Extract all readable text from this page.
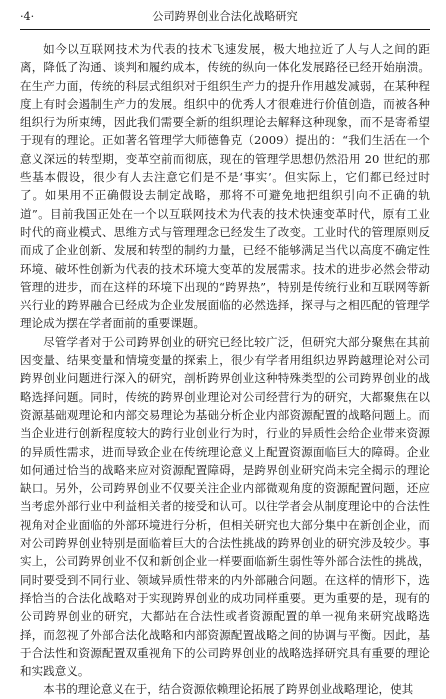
·4·	公司跨界创业合法化战略研究

如今以互联网技术为代表的技术飞速发展，极大地拉近了人与人之间的距离，降低了沟通、谈判和履约成本，传统的纵向一体化发展路径已经开始崩溃。在生产力面，传统的科层式组织对于组织生产力的提升作用越发减弱，在某种程度上有时会遏制生产力的发展。组织中的优秀人才很难进行价值创造，而被各种组织行为所束缚，因此我们需要全新的组织理论去解释这种现象，而不是寄希望于现有的理论。正如著名管理学大师德鲁克（2009）提出的：“我们生活在一个意义深远的转型期，变革空前而彻底，现在的管理学思想仍然沿用 20 世纪的那些基本假设，很少有人去注意它们是不是‘事实’。但实际上，它们都已经过时了。如果用不正确假设去制定战略，那将不可避免地把组织引向不正确的轨道”。目前我国正处在一个以互联网技术为代表的技术快速变革时代，原有工业时代的商业模式、思维方式与管理理念已经发生了改变。工业时代的管理原则反而成了企业创新、发展和转型的制约力量，已经不能够满足当代以高度不确定性环境、破坏性创新为代表的技术环境大变革的发展需求。技术的进步必然会带动管理的进步，而在这样的环境下出现的“跨界热”，特别是传统行业和互联网等新兴行业的跨界融合已经成为企业发展面临的必然选择，探寻与之相匹配的管理学理论成为摆在学者面前的重要课题。

尽管学者对于公司跨界创业的研究已经比较广泛，但研究大部分聚焦在其前因变量、结果变量和情境变量的探索上，很少有学者用组织边界跨越理论对公司跨界创业问题进行深入的研究，剖析跨界创业这种特殊类型的公司跨界创业的战略选择问题。同时，传统的跨界创业理论对公司经营行为的研究，大都聚焦在以资源基础观理论和内部交易理论为基础分析企业内部资源配置的战略问题上。而当企业进行创新程度较大的跨行业创业行为时，行业的异质性会给企业带来资源的异质性需求，进而导致企业在传统理论意义上配置资源面临巨大的障碍。企业如何通过恰当的战略来应对资源配置障碍，是跨界创业研究尚未完全揭示的理论缺口。另外，公司跨界创业不仅要关注企业内部微观角度的资源配置问题，还应当考虑外部行业中利益相关者的接受和认可。以往学者会从制度理论中的合法性视角对企业面临的外部环境进行分析，但相关研究也大部分集中在新创企业，而对公司跨界创业特别是面临着巨大的合法性挑战的跨界创业的研究涉及较少。事实上，公司跨界创业不仅和新创企业一样要面临新生弱性等外部合法性的挑战，同时要受到不同行业、领域异质性带来的内外部融合问题。在这样的情形下，选择恰当的合法化战略对于实现跨界创业的成功同样重要。更为重要的是，现有的公司跨界创业的研究，大都站在合法性或者资源配置的单一视角来研究战略选择，而忽视了外部合法化战略和内部资源配置战略之间的协调与平衡。因此，基于合法性和资源配置双重视角下的公司跨界创业的战略选择研究具有重要的理论和实践意义。

本书的理论意义在于，结合资源依赖理论拓展了跨界创业战略理论，使其
